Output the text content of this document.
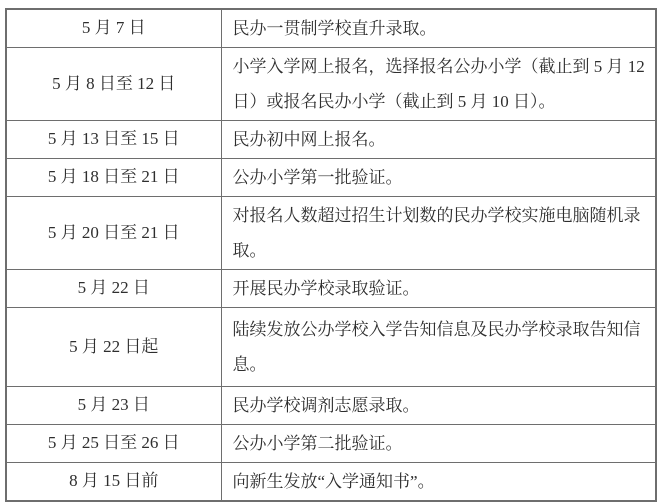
5 月 7 日	民办一贯制学校直升录取。
5 月 8 日至 12 日	小学入学网上报名，选择报名公办小学（截止到 5 月 12 日）或报名民办小学（截止到 5 月 10 日）。
5 月 13 日至 15 日	民办初中网上报名。
5 月 18 日至 21 日	公办小学第一批验证。
5 月 20 日至 21 日	对报名人数超过招生计划数的民办学校实施电脑随机录取。
5 月 22 日	开展民办学校录取验证。
5 月 22 日起	陆续发放公办学校入学告知信息及民办学校录取告知信息。
5 月 23 日	民办学校调剂志愿录取。
5 月 25 日至 26 日	公办小学第二批验证。
8 月 15 日前	向新生发放“入学通知书”。
